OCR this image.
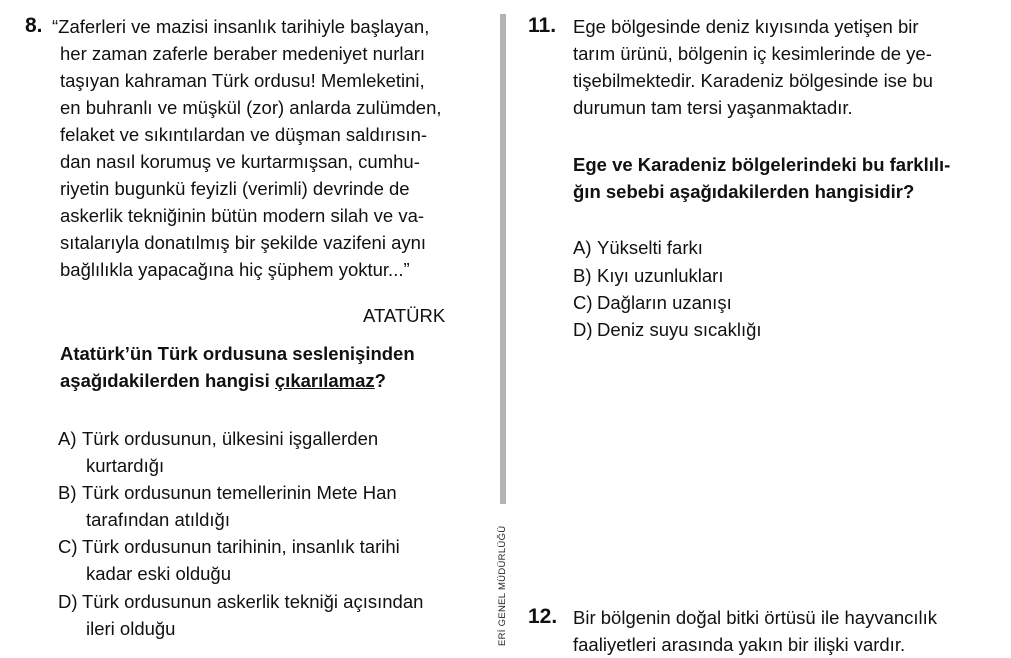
8. “Zaferleri ve mazisi insanlık tarihiyle başlayan,
her zaman zaferle beraber medeniyet nurları
taşıyan kahraman Türk ordusu! Memleketini,
en buhranlı ve müşkül (zor) anlarda zulümden,
felaket ve sıkıntılardan ve düşman saldırısın-
dan nasıl korumuş ve kurtarmışsan, cumhu-
riyetin bugunkü feyizli (verimli) devrinde de
askerlik tekniğinin bütün modern silah ve va-
sıtalarıyla donatılmış bir şekilde vazifeni aynı
bağlılıkla yapacağına hiç şüphem yoktur...”
ATATÜRK
Atatürk’ün Türk ordusuna seslenişinden
aşağıdakilerden hangisi çıkarılamaz?
A) Türk ordusunun, ülkesini işgallerden
kurtardığı
B) Türk ordusunun temellerinin Mete Han
tarafından atıldığı
C) Türk ordusunun tarihinin, insanlık tarihi
kadar eski olduğu
D) Türk ordusunun askerlik tekniği açısından
ileri olduğu	ERİ GENEL MÜDÜRLÜĞÜ
11. Ege bölgesinde deniz kıyısında yetişen bir
tarım ürünü, bölgenin iç kesimlerinde de ye-
tişebilmektedir. Karadeniz bölgesinde ise bu
durumun tam tersi yaşanmaktadır.
Ege ve Karadeniz bölgelerindeki bu farklılı-
ğın sebebi aşağıdakilerden hangisidir?
A) Yükselti farkı
B) Kıyı uzunlukları
C) Dağların uzanışı
D) Deniz suyu sıcaklığı
12. Bir bölgenin doğal bitki örtüsü ile hayvancılık
faaliyetleri arasında yakın bir ilişki vardır.
